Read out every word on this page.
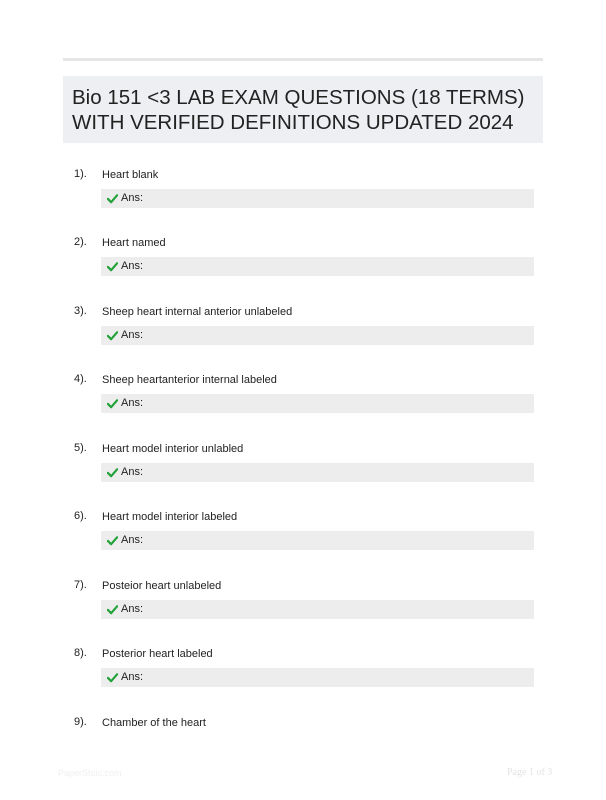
Bio 151 <3 LAB EXAM QUESTIONS (18 TERMS)
WITH VERIFIED DEFINITIONS UPDATED 2024
1). Heart blank
Ans:
2). Heart named
Ans:
3). Sheep heart internal anterior unlabeled
Ans:
4). Sheep heartanterior internal labeled
Ans:
5). Heart model interior unlabled
Ans:
6). Heart model interior labeled
Ans:
7). Posteior heart unlabeled
Ans:
8). Posterior heart labeled
Ans:
9). Chamber of the heart
PaperStoic.com	Page 1 of 3
